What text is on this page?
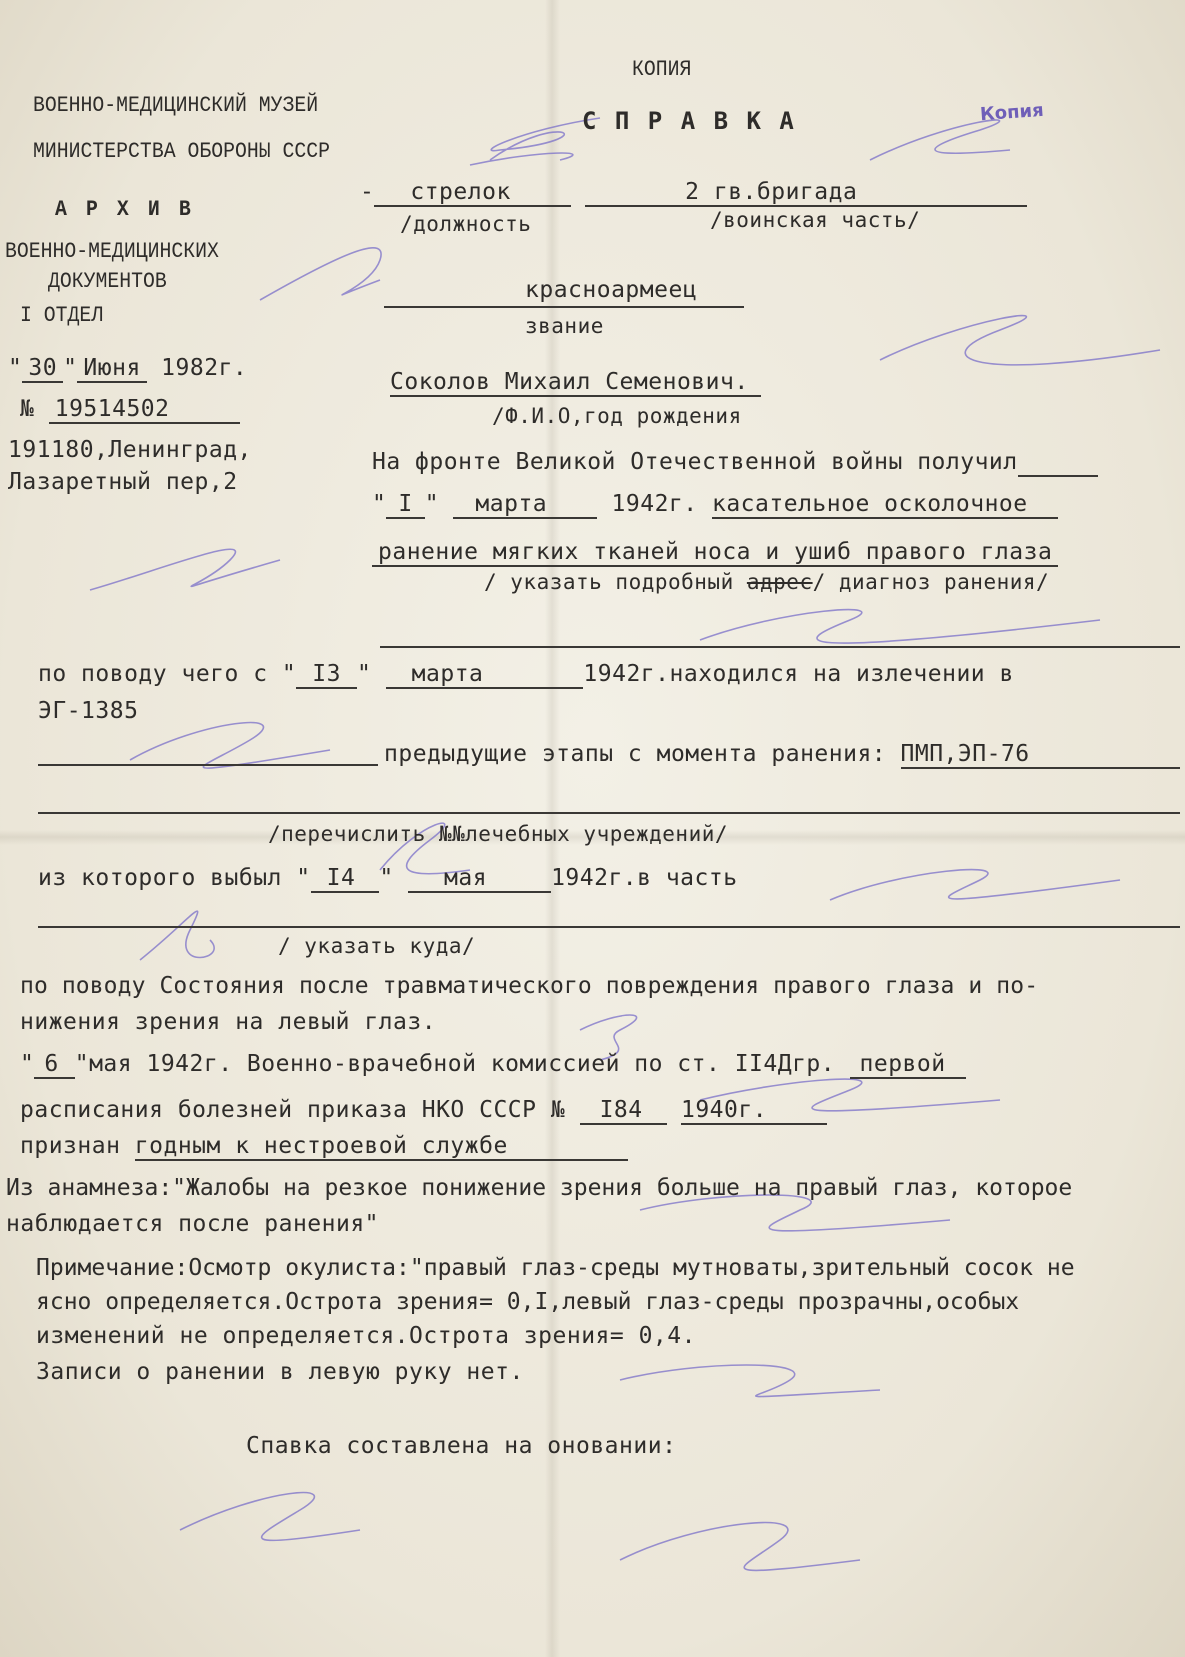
КОПИЯ
С П Р А В К А	Копия
ВОЕННО-МЕДИЦИНСКИЙ МУЗЕЙ
МИНИСТЕРСТВА ОБОРОНЫ СССР
А Р Х И В
ВОЕННО-МЕДИЦИНСКИХ
ДОКУМЕНТОВ
I ОТДЕЛ
" 30 " Июня 1982г.
№ 19514502
191180,Ленинград,
Лазаретный пер,2
- стрелок	2 гв.бригада
/должность	/воинская часть/
красноармеец
звание
Соколов Михаил Семенович.
/Ф.И.О,год рождения
На фронте Великой Отечественной войны получил
" I " марта	1942г. касательное осколочное
ранение мягких тканей носа и ушиб правого глаза
/ указать подробный адрес/ диагноз ранения/
по поводу чего с " I3 " марта	1942г.находился на излечении в
ЭГ-1385
предыдущие этапы с момента ранения: ПМП,ЭП-76
/перечислить №№лечебных учреждений/
из которого выбыл " I4 " мая	1942г.в часть
/ указать куда/
по поводу Состояния после травматического повреждения правого глаза и по-
нижения зрения на левый глаз.
" 6 "мая 1942г. Военно-врачебной комиссией по ст. II4Дгр. первой
расписания болезней приказа НКО СССР № I84 1940г.
признан годным к нестроевой службе
Из анамнеза:"Жалобы на резкое понижение зрения больше на правый глаз, которое
наблюдается после ранения"
Примечание:Осмотр окулиста:"правый глаз-среды мутноваты,зрительный сосок не
ясно определяется.Острота зрения= 0,I,левый глаз-среды прозрачны,особых
изменений не определяется.Острота зрения= 0,4.
Записи о ранении в левую руку нет.
Спавка составлена на оновании:
